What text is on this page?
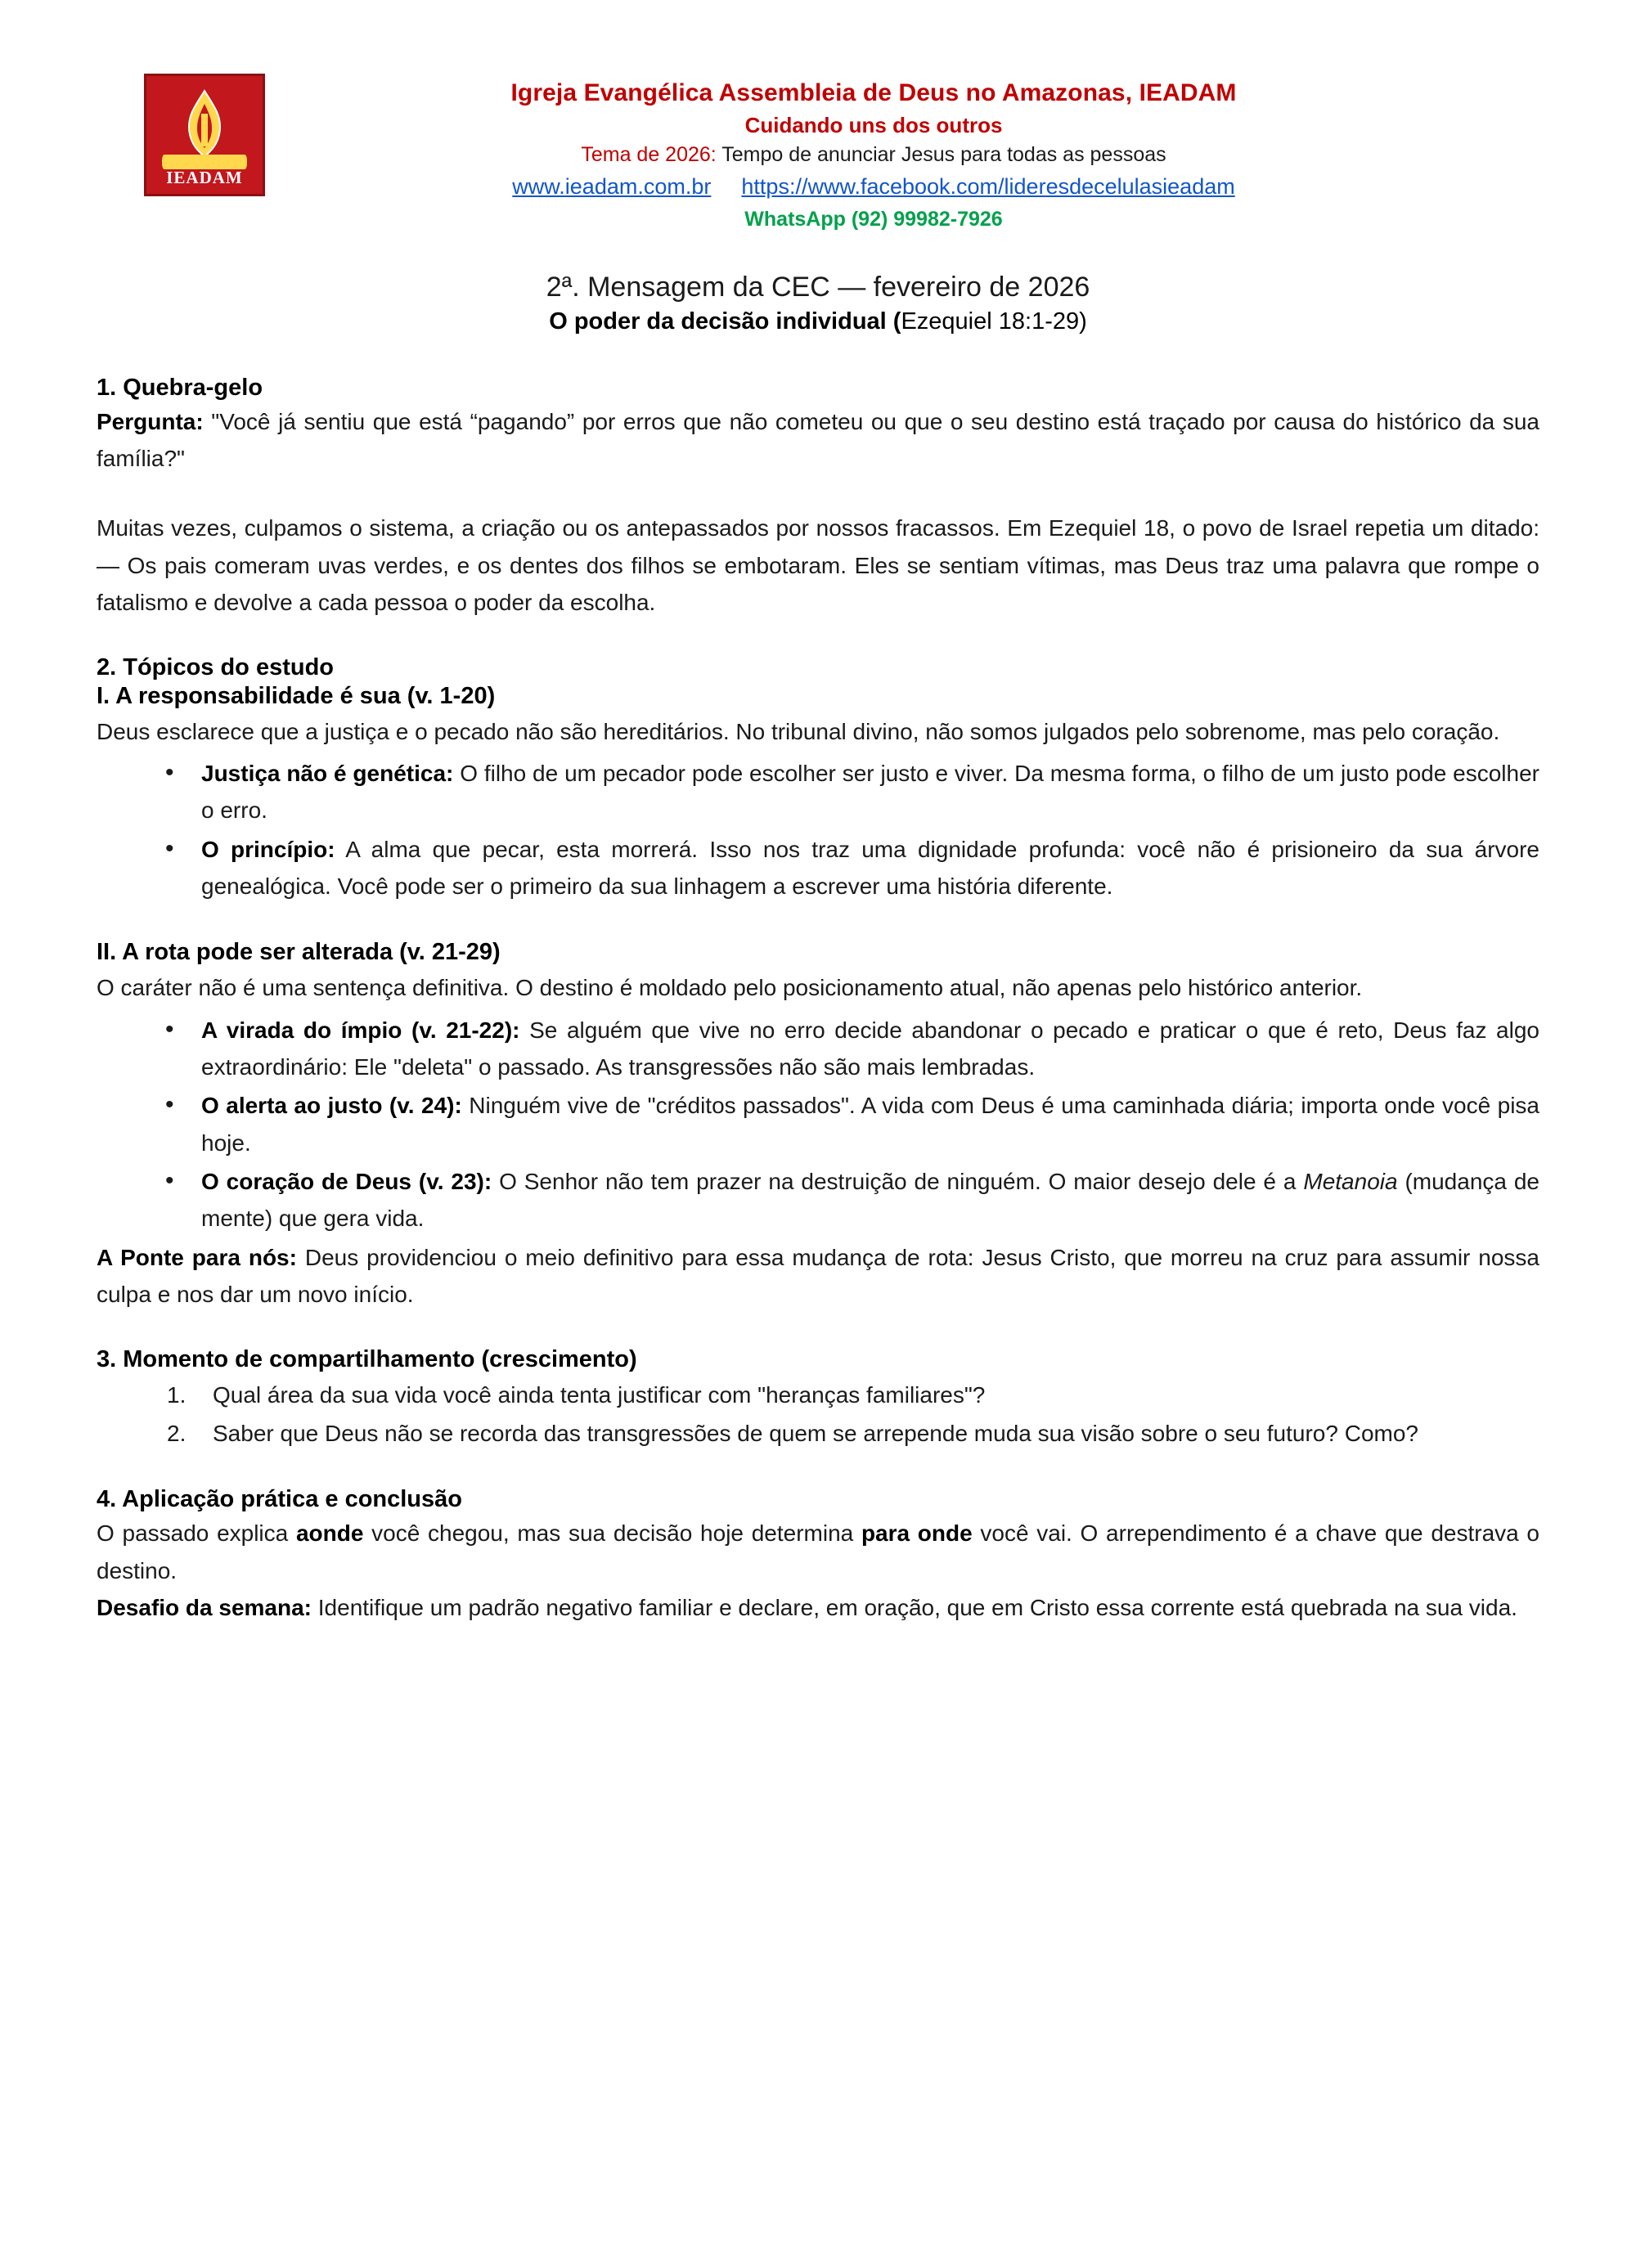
IEADAM
Igreja Evangélica Assembleia de Deus no Amazonas, IEADAM
Cuidando uns dos outros
Tema de 2026: Tempo de anunciar Jesus para todas as pessoas
www.ieadam.com.br https://www.facebook.com/lideresdecelulasieadam
WhatsApp (92) 99982-7926
2ª. Mensagem da CEC — fevereiro de 2026
O poder da decisão individual (Ezequiel 18:1-29)
1. Quebra-gelo

Pergunta: "Você já sentiu que está “pagando” por erros que não cometeu ou que o seu destino está traçado por causa do histórico da sua família?"

Muitas vezes, culpamos o sistema, a criação ou os antepassados por nossos fracassos. Em Ezequiel 18, o povo de Israel repetia um ditado: — Os pais comeram uvas verdes, e os dentes dos filhos se embotaram. Eles se sentiam vítimas, mas Deus traz uma palavra que rompe o fatalismo e devolve a cada pessoa o poder da escolha.

2. Tópicos do estudo
I. A responsabilidade é sua (v. 1-20)

Deus esclarece que a justiça e o pecado não são hereditários. No tribunal divino, não somos julgados pelo sobrenome, mas pelo coração.

• Justiça não é genética: O filho de um pecador pode escolher ser justo e viver. Da mesma forma, o filho de um justo pode escolher o erro.
• O princípio: A alma que pecar, esta morrerá. Isso nos traz uma dignidade profunda: você não é prisioneiro da sua árvore genealógica. Você pode ser o primeiro da sua linhagem a escrever uma história diferente.
II. A rota pode ser alterada (v. 21-29)

O caráter não é uma sentença definitiva. O destino é moldado pelo posicionamento atual, não apenas pelo histórico anterior.

• A virada do ímpio (v. 21-22): Se alguém que vive no erro decide abandonar o pecado e praticar o que é reto, Deus faz algo extraordinário: Ele "deleta" o passado. As transgressões não são mais lembradas.
• O alerta ao justo (v. 24): Ninguém vive de "créditos passados". A vida com Deus é uma caminhada diária; importa onde você pisa hoje.
• O coração de Deus (v. 23): O Senhor não tem prazer na destruição de ninguém. O maior desejo dele é a Metanoia (mudança de mente) que gera vida.

A Ponte para nós: Deus providenciou o meio definitivo para essa mudança de rota: Jesus Cristo, que morreu na cruz para assumir nossa culpa e nos dar um novo início.

3. Momento de compartilhamento (crescimento)
Qual área da sua vida você ainda tenta justificar com "heranças familiares"?
Saber que Deus não se recorda das transgressões de quem se arrepende muda sua visão sobre o seu futuro? Como?
4. Aplicação prática e conclusão

O passado explica aonde você chegou, mas sua decisão hoje determina para onde você vai. O arrependimento é a chave que destrava o destino.

Desafio da semana: Identifique um padrão negativo familiar e declare, em oração, que em Cristo essa corrente está quebrada na sua vida.
